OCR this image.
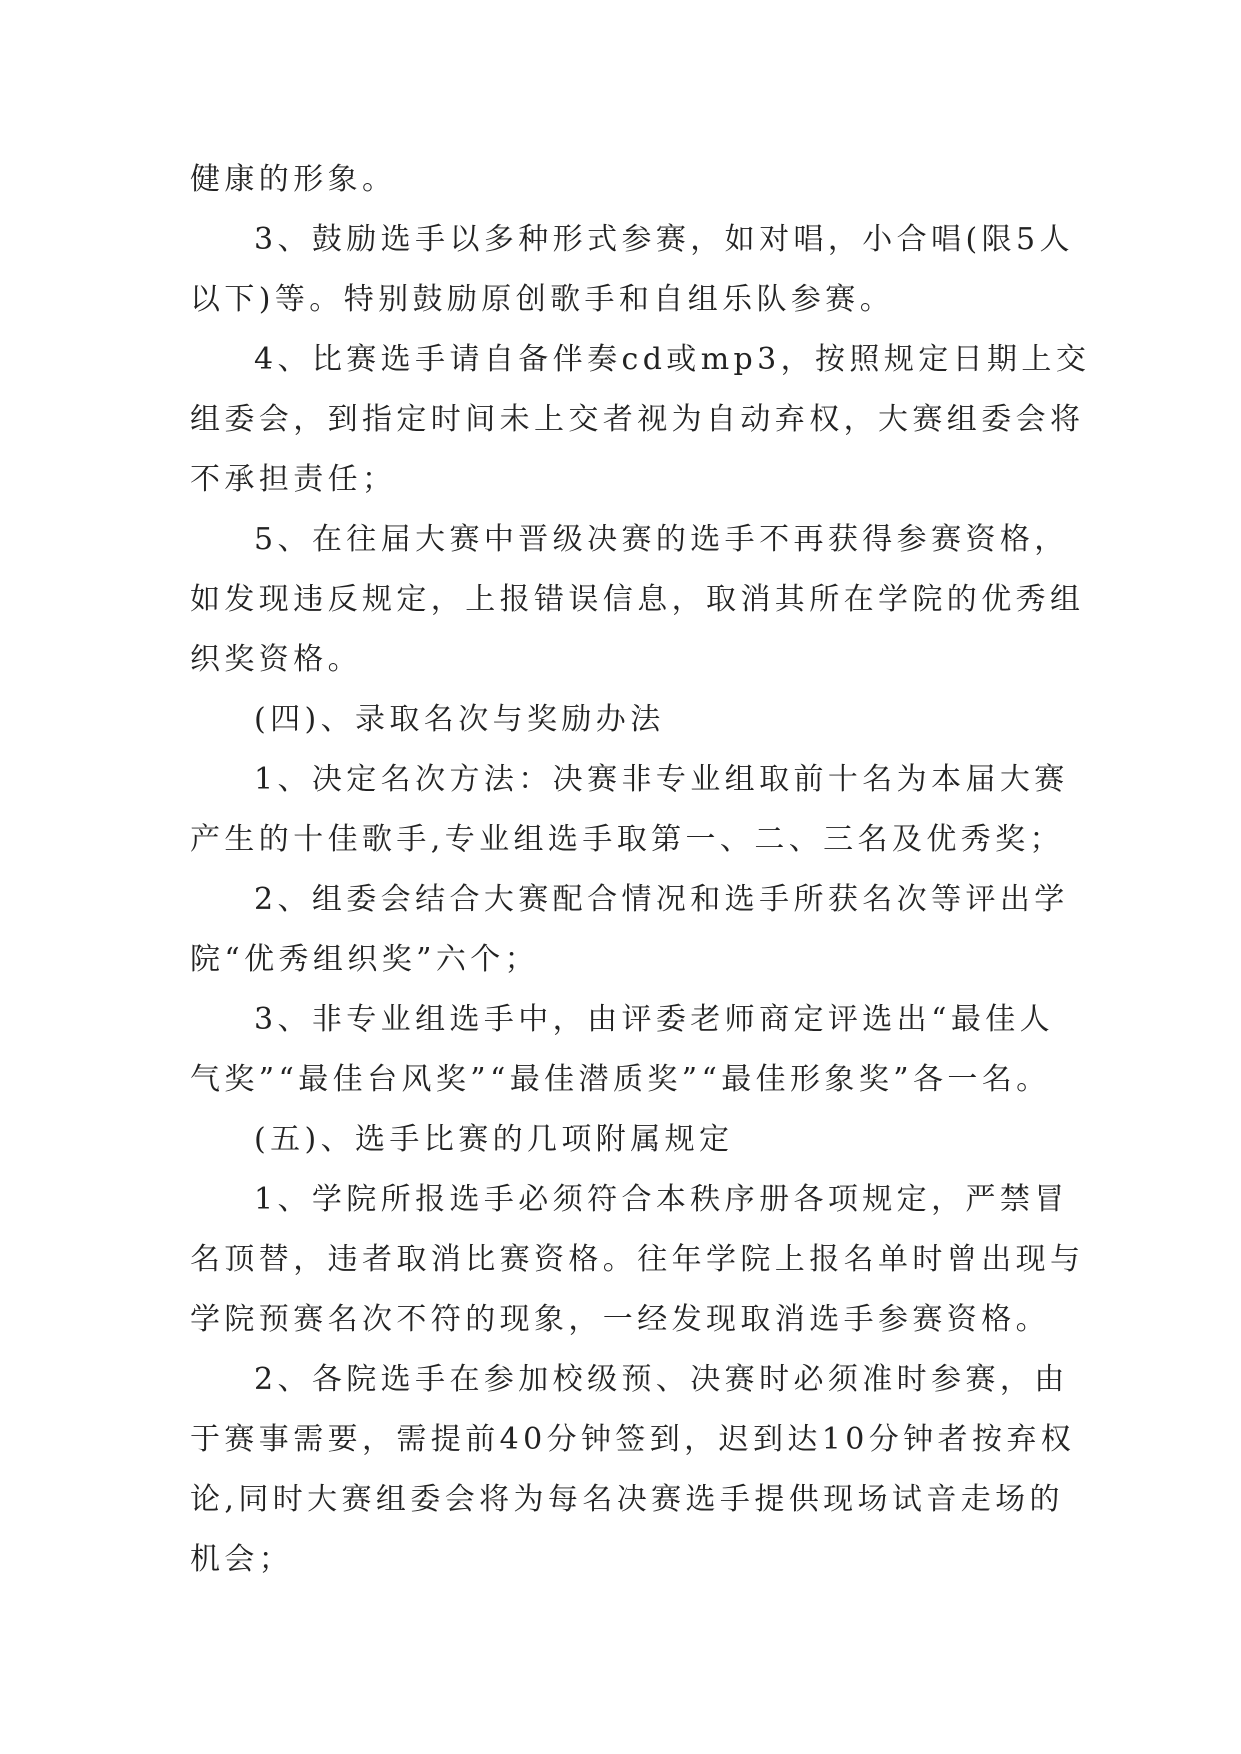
健康的形象。
3、鼓励选手以多种形式参赛，如对唱，小合唱(限5人
以下)等。特别鼓励原创歌手和自组乐队参赛。
4、比赛选手请自备伴奏cd或mp3，按照规定日期上交
组委会，到指定时间未上交者视为自动弃权，大赛组委会将
不承担责任；
5、在往届大赛中晋级决赛的选手不再获得参赛资格，
如发现违反规定，上报错误信息，取消其所在学院的优秀组
织奖资格。
(四)、录取名次与奖励办法
1、决定名次方法：决赛非专业组取前十名为本届大赛
产生的十佳歌手,专业组选手取第一、二、三名及优秀奖；
2、组委会结合大赛配合情况和选手所获名次等评出学
院“优秀组织奖”六个；
3、非专业组选手中，由评委老师商定评选出“最佳人
气奖”“最佳台风奖”“最佳潜质奖”“最佳形象奖”各一名。
(五)、选手比赛的几项附属规定
1、学院所报选手必须符合本秩序册各项规定，严禁冒
名顶替，违者取消比赛资格。往年学院上报名单时曾出现与
学院预赛名次不符的现象，一经发现取消选手参赛资格。
2、各院选手在参加校级预、决赛时必须准时参赛，由
于赛事需要，需提前40分钟签到，迟到达10分钟者按弃权
论,同时大赛组委会将为每名决赛选手提供现场试音走场的
机会；
